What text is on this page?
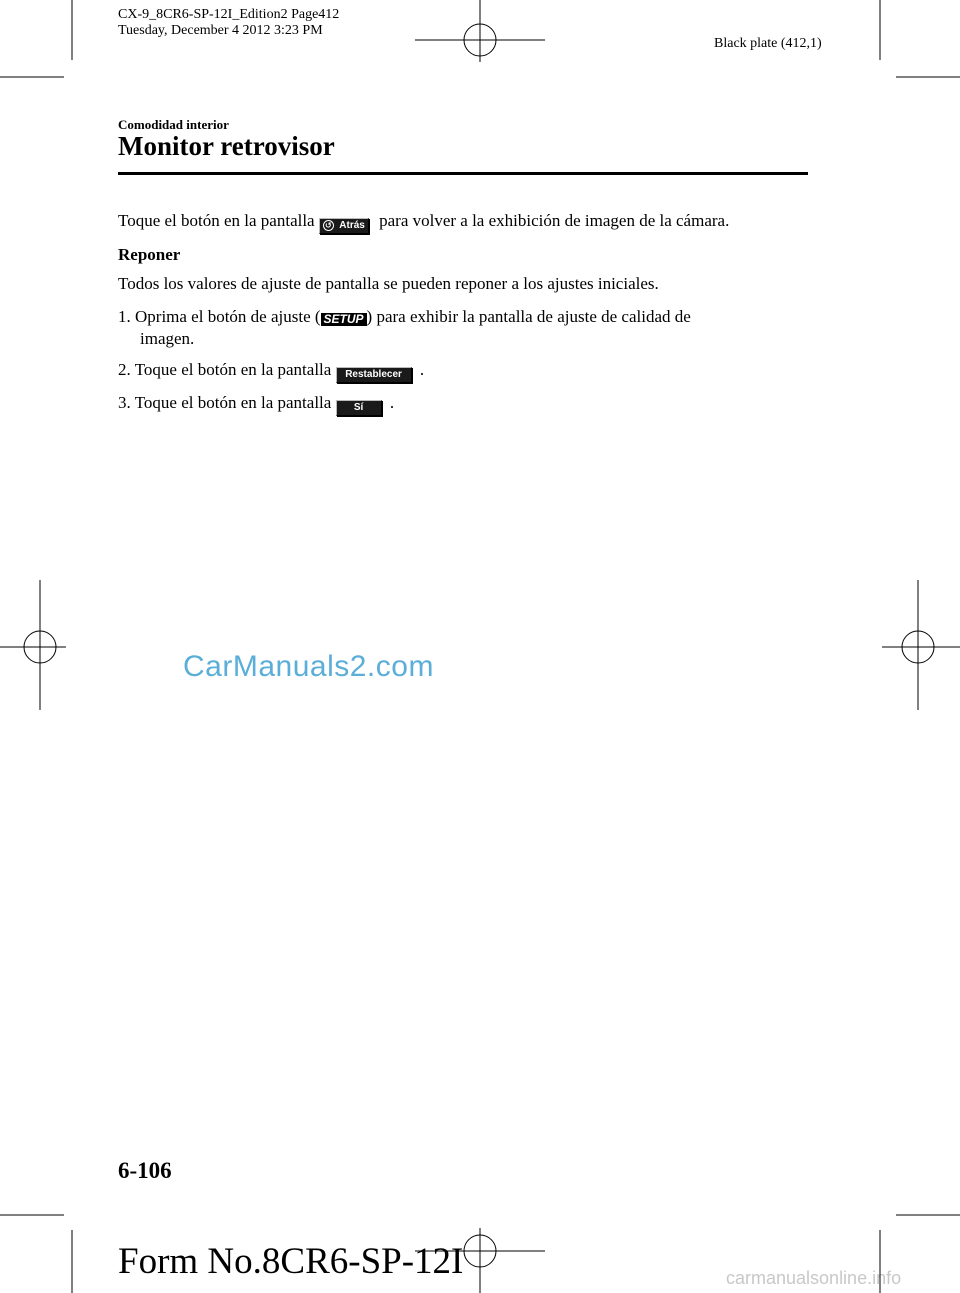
CX-9_8CR6-SP-12I_Edition2 Page412
Tuesday, December 4 2012 3:23 PM
Black plate (412,1)
Comodidad interior
Monitor retrovisor
Toque el botón en la pantalla ↺ Atrás para volver a la exhibición de imagen de la cámara.
Reponer
Todos los valores de ajuste de pantalla se pueden reponer a los ajustes iniciales.
1. Oprima el botón de ajuste ( SETUP ) para exhibir la pantalla de ajuste de calidad de
imagen.
2. Toque el botón en la pantalla Restablecer .
3. Toque el botón en la pantalla Sí .
CarManuals2.com
6-106
Form No.8CR6-SP-12I	carmanualsonline.info
